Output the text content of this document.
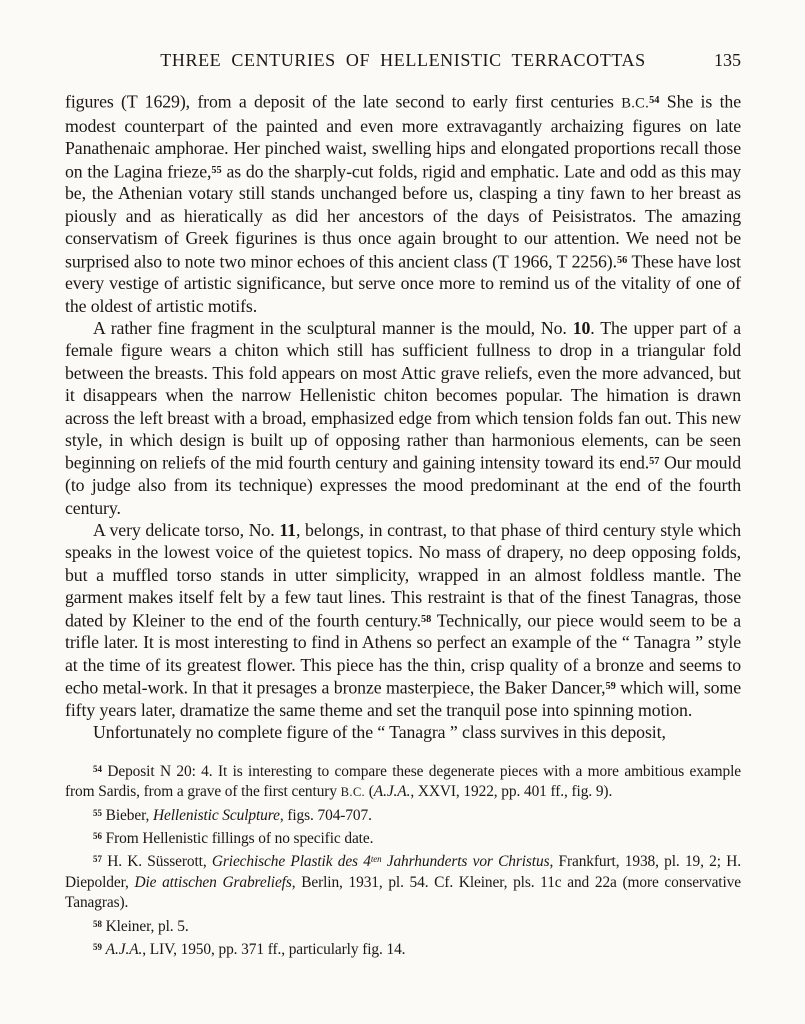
THREE CENTURIES OF HELLENISTIC TERRACOTTAS	135

figures (T 1629), from a deposit of the late second to early first centuries B.C.$^{54}$ She is the modest counterpart of the painted and even more extravagantly archaizing figures on late Panathenaic amphorae. Her pinched waist, swelling hips and elongated proportions recall those on the Lagina frieze,$^{55}$ as do the sharply-cut folds, rigid and emphatic. Late and odd as this may be, the Athenian votary still stands unchanged before us, clasping a tiny fawn to her breast as piously and as hieratically as did her ancestors of the days of Peisistratos. The amazing conservatism of Greek figurines is thus once again brought to our attention. We need not be surprised also to note two minor echoes of this ancient class (T 1966, T 2256).$^{56}$ These have lost every vestige of artistic significance, but serve once more to remind us of the vitality of one of the oldest of artistic motifs.

A rather fine fragment in the sculptural manner is the mould, No. 10. The upper part of a female figure wears a chiton which still has sufficient fullness to drop in a triangular fold between the breasts. This fold appears on most Attic grave reliefs, even the more advanced, but it disappears when the narrow Hellenistic chiton becomes popular. The himation is drawn across the left breast with a broad, emphasized edge from which tension folds fan out. This new style, in which design is built up of opposing rather than harmonious elements, can be seen beginning on reliefs of the mid fourth century and gaining intensity toward its end.$^{57}$ Our mould (to judge also from its technique) expresses the mood predominant at the end of the fourth century.

A very delicate torso, No. 11, belongs, in contrast, to that phase of third century style which speaks in the lowest voice of the quietest topics. No mass of drapery, no deep opposing folds, but a muffled torso stands in utter simplicity, wrapped in an almost foldless mantle. The garment makes itself felt by a few taut lines. This restraint is that of the finest Tanagras, those dated by Kleiner to the end of the fourth century.$^{58}$ Technically, our piece would seem to be a trifle later. It is most interesting to find in Athens so perfect an example of the “ Tanagra ” style at the time of its greatest flower. This piece has the thin, crisp quality of a bronze and seems to echo metal-work. In that it presages a bronze masterpiece, the Baker Dancer,$^{59}$ which will, some fifty years later, dramatize the same theme and set the tranquil pose into spinning motion.

Unfortunately no complete figure of the “ Tanagra ” class survives in this deposit,

$^{54}$ Deposit N 20: 4. It is interesting to compare these degenerate pieces with a more ambitious example from Sardis, from a grave of the first century B.C. (A.J.A., XXVI, 1922, pp. 401 ff., fig. 9).

$^{55}$ Bieber, Hellenistic Sculpture, figs. 704-707.

$^{56}$ From Hellenistic fillings of no specific date.

$^{57}$ H. K. Süsserott, Griechische Plastik des $4^{ten}$ Jahrhunderts vor Christus, Frankfurt, 1938, pl. 19, 2; H. Diepolder, Die attischen Grabreliefs, Berlin, 1931, pl. 54. Cf. Kleiner, pls. 11c and 22a (more conservative Tanagras).

$^{58}$ Kleiner, pl. 5.

$^{59}$ A.J.A., LIV, 1950, pp. 371 ff., particularly fig. 14.
